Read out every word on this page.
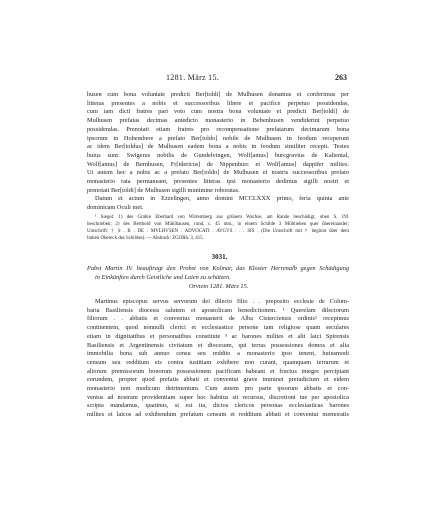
1281. März 15.	263
husen cum bona voluntate predicti Ber[toldi] de Mulhusen donamus et conferimus per
litteras presentes a nobis et successoribus libere et pacifice perpetuo possidendas,
cum iam dicti fratres pari voto cum nostra bona voluntate et predicti Ber[toldi] de
Mulhusen prefatas decimas antedicto monasterio in Bebenhusen vendiderint perpetuo
possidendas. Prenotati etiam fratres pro recompensatione prefatarum decimarum bona
ipsorum in Hohembere a prefato Ber[toldo] nobile de Mulhusen in feodum receperunt
ac idem Ber[toldus] de Mulhusen eadem bona a nobis in feodum similiter recepit. Testes
huius sunt: Swigerus nobilis de Gundelvingen, Wolf[amus] burcgravius de Kaltental,
Wolf[amus] de Bernhusen, Fr[idericus] de Nippenburc et Wolf[amus] dappifer milites.
Ut autem hec a nobis ac a prefato Ber[toldo] de Mulhusen et nostris successoribus prefato
monasterio rata permaneant, presentes litteras ipsi monasterio dedimus sigilli nostri et
prenotati Ber[toldi] de Mulhusen sigilli munimine roboratas.
Datum et actum in Ezzelingen, anno domini MCCLXXX primo, feria quinta ante
dominicam Oculi mei.
¹ Siegel: 1) des Grafen Eberhard von Wirtemberg aus grünem Wachse, am Rande beschädigt, oben S. 191
beschrieben; 2) des Berthold von Mühlhausen, rund, c. 45 mm., in einem Schilde 3 Möbliehen quer übereinander;
Umschrift: † S . B . DE . MVLHVSEN . ADVOCATI . AVGVS . . . SIS . (Die Umschrift mit † beginnt über dem
linken Obereck des Schildes). — Abdruck: ZGORh. 3, 415.
3031.
Pabst Martin IV. beauftragt den Probst von Kolmar, das Kloster Herrenalb gegen Schädigung
in Einkünften durch Geistliche und Laien zu schützen.
Orvieto 1281. März 15.
Martinus episcopus servus servorum dei dilecto filio . . preposito ecclesie de Colum-
baria Basiliensis diocesis salutem et apostolicam benedictionem. ¹ Querelam dilectorum
filiorum . . abbatis et conventus monasterii de Alba Cisterciensis ordinis² recepimus
continentem, quod nonnulli clerici et ecclesiastice persone tam religiose quam seculares
etiam in dignitatibus et personatibus constitute ³ ac barones milites et alii laici Spirensis
Basiliensis et Argentinensis civitatum et diocesum, qui terras possessiones domos et alia
immobilia bona sub annuo censu seu reddito a monasterio ipso tenent, huiusmodi
censum seu redditum eis contra iustitiam exhibere non curant, quamquam terrarum et
aliorum premissorum bonorum possessionem pacificam habeant et fructus integre percipiant
eorundem, propter quod prefatis abbati et conventui grave imminet preiudicium et eidem
monasterio non modicum detrimentum. Cum autem pro parte ipsorum abbatis et con-
ventus ad nostram providentiam super hoc habitus sit recursus, discretioni tue per apostolica
scripta mandamus, quatinus, si est ita, dictos clericos personas ecclesiasticas barones
milites et laicos ad exhibendum prefatum censum et redditum abbati et conventui memoratis
